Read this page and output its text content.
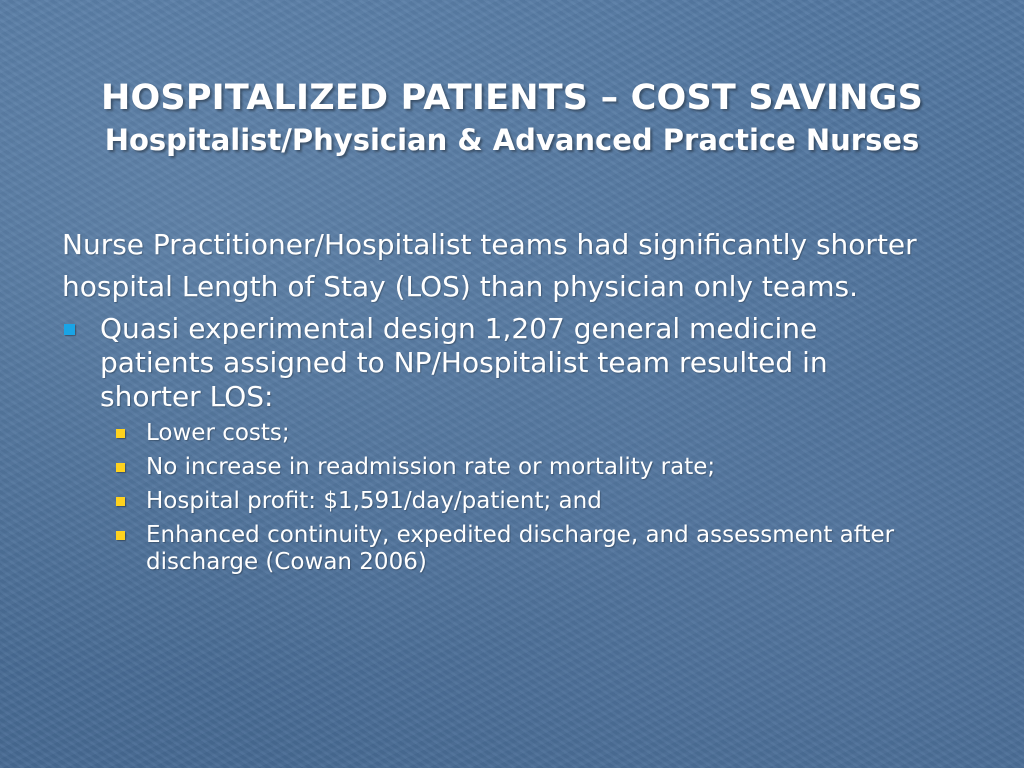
HOSPITALIZED PATIENTS – COST SAVINGS
Hospitalist/Physician & Advanced Practice Nurses
Nurse Practitioner/Hospitalist teams had significantly shorter hospital Length of Stay (LOS) than physician only teams.
Quasi experimental design 1,207 general medicine patients assigned to NP/Hospitalist team resulted in shorter LOS:
Lower costs;
No increase in readmission rate or mortality rate;
Hospital profit: $1,591/day/patient; and
Enhanced continuity, expedited discharge, and assessment after discharge (Cowan 2006)
